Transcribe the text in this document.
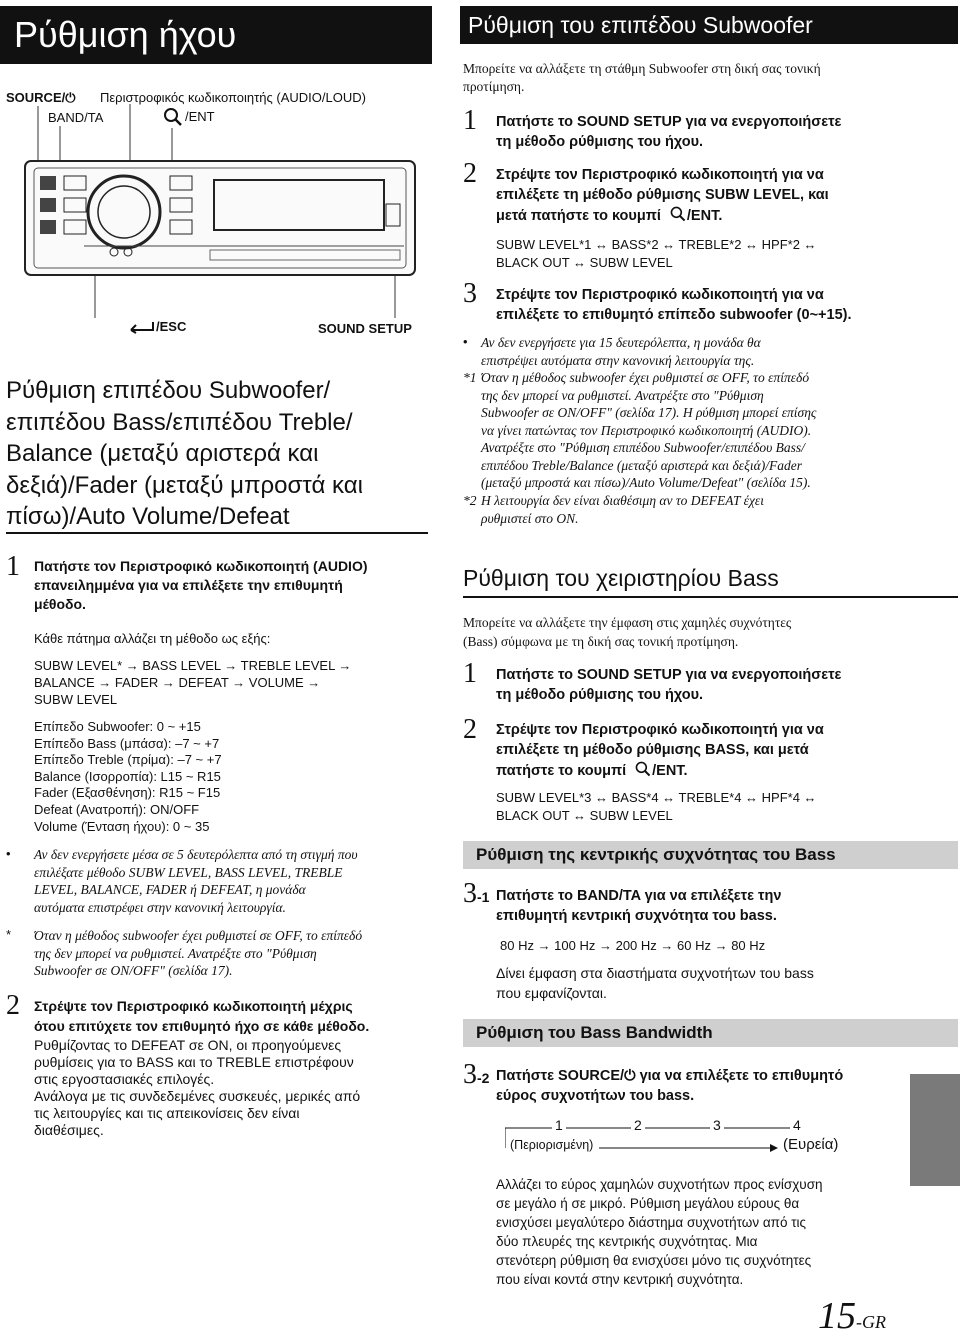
Ρύθμιση ήχου
SOURCE/⏻ Περιστροφικός κωδικοποιητής (AUDIO/LOUD)
BAND/TA	/ENT
/ESC	SOUND SETUP
Ρύθμιση επιπέδου Subwoofer/
επιπέδου Bass/επιπέδου Treble/
Balance (μεταξύ αριστερά και
δεξιά)/Fader (μεταξύ μπροστά και
πίσω)/Auto Volume/Defeat
1 Πατήστε τον Περιστροφικό κωδικοποιητή (AUDIO)
επανειλημμένα για να επιλέξετε την επιθυμητή
μέθοδο.
Κάθε πάτημα αλλάζει τη μέθοδο ως εξής:
SUBW LEVEL* → BASS LEVEL → TREBLE LEVEL →
BALANCE → FADER → DEFEAT → VOLUME →
SUBW LEVEL
Επίπεδο Subwoofer: 0 ~ +15
Επίπεδο Bass (μπάσα): –7 ~ +7
Επίπεδο Treble (πρίμα): –7 ~ +7
Balance (Ισορροπία): L15 ~ R15
Fader (Εξασθένηση): R15 ~ F15
Defeat (Ανατροπή): ON/OFF
Volume (Ένταση ήχου): 0 ~ 35
• Αν δεν ενεργήσετε μέσα σε 5 δευτερόλεπτα από τη στιγμή που
επιλέξατε μέθοδο SUBW LEVEL, BASS LEVEL, TREBLE
LEVEL, BALANCE, FADER ή DEFEAT, η μονάδα
αυτόματα επιστρέφει στην κανονική λειτουργία.
* Όταν η μέθοδος subwoofer έχει ρυθμιστεί σε OFF, το επίπεδό
της δεν μπορεί να ρυθμιστεί. Ανατρέξτε στο "Ρύθμιση
Subwoofer σε ON/OFF" (σελίδα 17).
2 Στρέψτε τον Περιστροφικό κωδικοποιητή μέχρις
ότου επιτύχετε τον επιθυμητό ήχο σε κάθε μέθοδο.
Ρυθμίζοντας το DEFEAT σε ON, οι προηγούμενες
ρυθμίσεις για το BASS και το TREBLE επιστρέφουν
στις εργοστασιακές επιλογές.
Ανάλογα με τις συνδεδεμένες συσκευές, μερικές από
τις λειτουργίες και τις απεικονίσεις δεν είναι
διαθέσιμες.
Ρύθμιση του επιπέδου Subwoofer
Μπορείτε να αλλάξετε τη στάθμη Subwoofer στη δική σας τονική
προτίμηση.
1 Πατήστε το SOUND SETUP για να ενεργοποιήσετε
τη μέθοδο ρύθμισης του ήχου.
2 Στρέψτε τον Περιστροφικό κωδικοποιητή για να
επιλέξετε τη μέθοδο ρύθμισης SUBW LEVEL, και
μετά πατήστε το κουμπί /ENT.
SUBW LEVEL*1 ↔ BASS*2 ↔ TREBLE*2 ↔ HPF*2 ↔
BLACK OUT ↔ SUBW LEVEL
3 Στρέψτε τον Περιστροφικό κωδικοποιητή για να
επιλέξετε το επιθυμητό επίπεδο subwoofer (0~+15).
• Αν δεν ενεργήσετε για 15 δευτερόλεπτα, η μονάδα θα
επιστρέψει αυτόματα στην κανονική λειτουργία της.
*1 Όταν η μέθοδος subwoofer έχει ρυθμιστεί σε OFF, το επίπεδό
της δεν μπορεί να ρυθμιστεί. Ανατρέξτε στο "Ρύθμιση
Subwoofer σε ON/OFF" (σελίδα 17). Η ρύθμιση μπορεί επίσης
να γίνει πατώντας τον Περιστροφικό κωδικοποιητή (AUDIO).
Ανατρέξτε στο "Ρύθμιση επιπέδου Subwoofer/επιπέδου Bass/
επιπέδου Treble/Balance (μεταξύ αριστερά και δεξιά)/Fader
(μεταξύ μπροστά και πίσω)/Auto Volume/Defeat" (σελίδα 15).
*2 Η λειτουργία δεν είναι διαθέσιμη αν το DEFEAT έχει
ρυθμιστεί στο ON.
Ρύθμιση του χειριστηρίου Bass
Μπορείτε να αλλάξετε την έμφαση στις χαμηλές συχνότητες
(Bass) σύμφωνα με τη δική σας τονική προτίμηση.
1 Πατήστε το SOUND SETUP για να ενεργοποιήσετε
τη μέθοδο ρύθμισης του ήχου.
2 Στρέψτε τον Περιστροφικό κωδικοποιητή για να
επιλέξετε τη μέθοδο ρύθμισης BASS, και μετά
πατήστε το κουμπί /ENT.
SUBW LEVEL*3 ↔ BASS*4 ↔ TREBLE*4 ↔ HPF*4 ↔
BLACK OUT ↔ SUBW LEVEL
Ρύθμιση της κεντρικής συχνότητας του Bass
3-1 Πατήστε το BAND/TA για να επιλέξετε την
επιθυμητή κεντρική συχνότητα του bass.
80 Hz → 100 Hz → 200 Hz → 60 Hz → 80 Hz
Δίνει έμφαση στα διαστήματα συχνοτήτων του bass
που εμφανίζονται.
Ρύθμιση του Bass Bandwidth
3-2 Πατήστε SOURCE/⏻ για να επιλέξετε το επιθυμητό
εύρος συχνοτήτων του bass.
1	2	3	4
(Περιορισμένη)	(Ευρεία)
Αλλάζει το εύρος χαμηλών συχνοτήτων προς ενίσχυση
σε μεγάλο ή σε μικρό. Ρύθμιση μεγάλου εύρους θα
ενισχύσει μεγαλύτερο διάστημα συχνοτήτων από τις
δύο πλευρές της κεντρικής συχνότητας. Μια
στενότερη ρύθμιση θα ενισχύσει μόνο τις συχνότητες
που είναι κοντά στην κεντρική συχνότητα.
15-GR
